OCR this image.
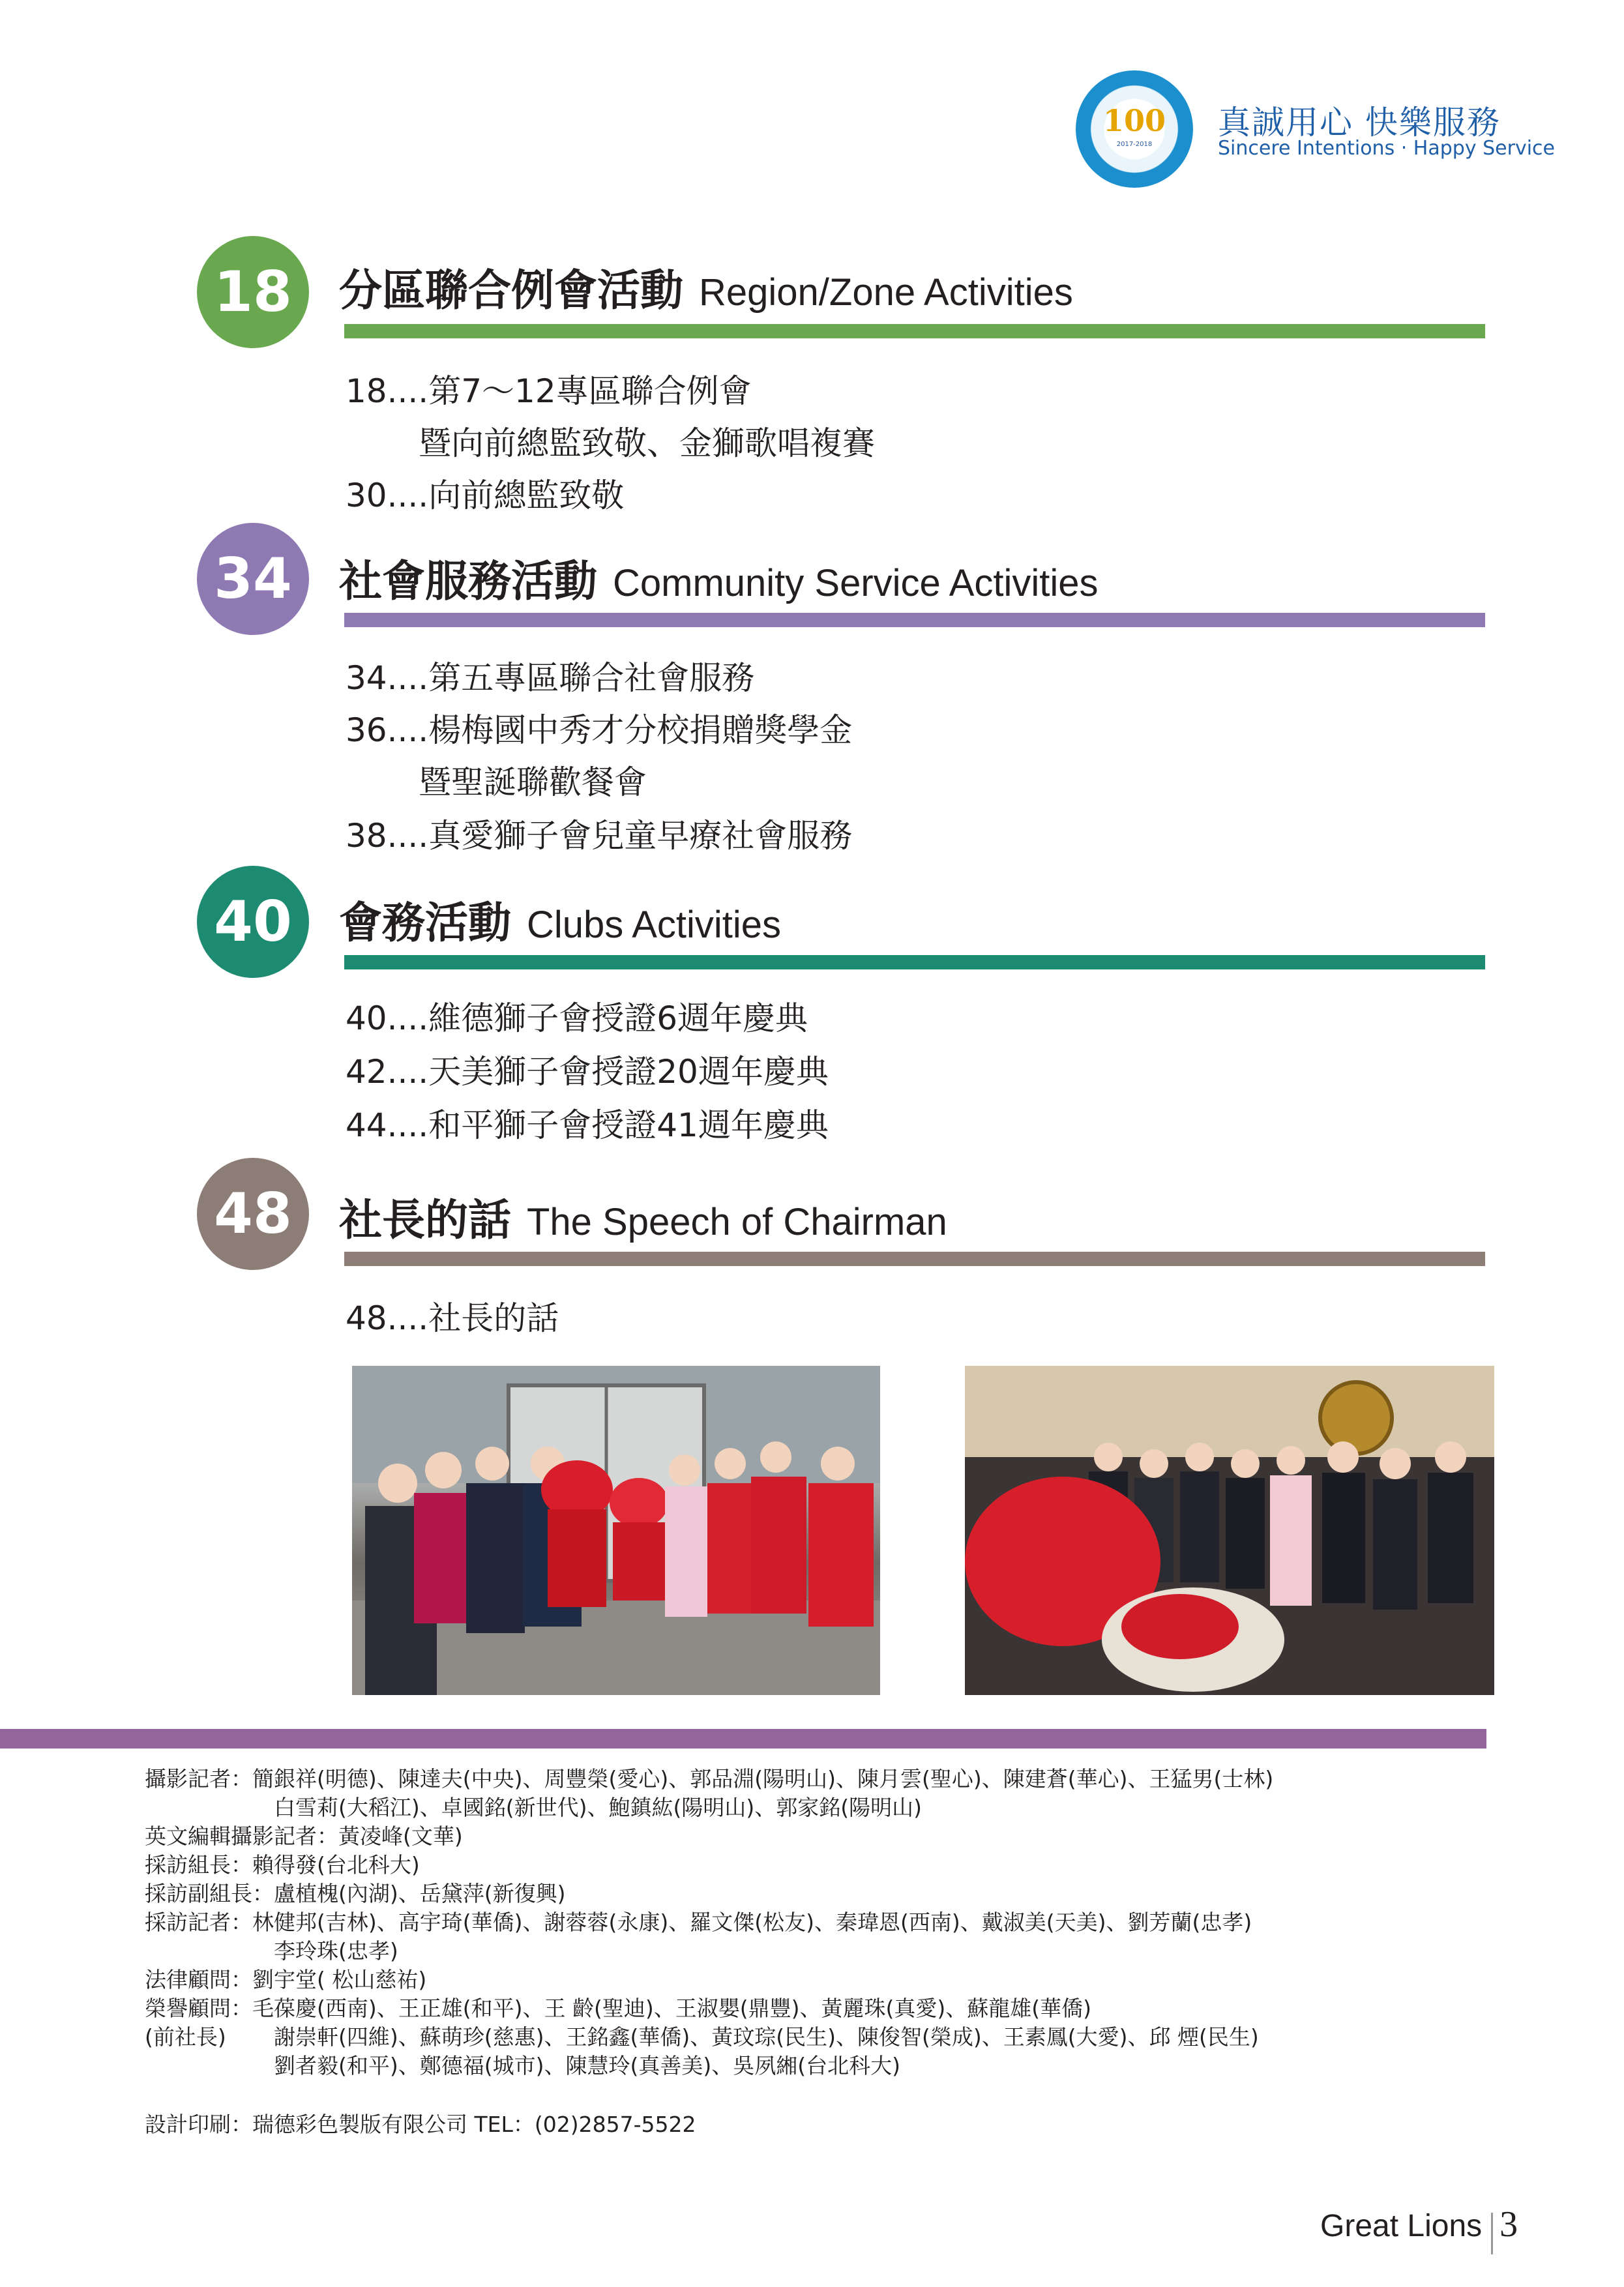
100
2017-2018
真誠用心 快樂服務
Sincere Intentions ‧ Happy Service
18	分區聯合例會活動 Region/Zone Activities
18....第7～12專區聯合例會
暨向前總監致敬、金獅歌唱複賽
30....向前總監致敬
34	社會服務活動 Community Service Activities
34....第五專區聯合社會服務
36....楊梅國中秀才分校捐贈獎學金
暨聖誕聯歡餐會
38....真愛獅子會兒童早療社會服務
40	會務活動 Clubs Activities
40....維德獅子會授證6週年慶典
42....天美獅子會授證20週年慶典
44....和平獅子會授證41週年慶典
48	社長的話 The Speech of Chairman
48....社長的話
攝影記者：簡銀祥(明德)、陳達夫(中央)、周豐榮(愛心)、郭品淵(陽明山)、陳月雲(聖心)、陳建蒼(華心)、王猛男(士林)
白雪莉(大稻江)、卓國銘(新世代)、鮑鎮紘(陽明山)、郭家銘(陽明山)
英文編輯攝影記者：黃凌峰(文華)
採訪組長：賴得發(台北科大)
採訪副組長：盧植槐(內湖)、岳黛萍(新復興)
採訪記者：林健邦(吉林)、高宇琦(華僑)、謝蓉蓉(永康)、羅文傑(松友)、秦瑋恩(西南)、戴淑美(天美)、劉芳蘭(忠孝)
李玲珠(忠孝)
法律顧問：劉宇堂( 松山慈祐)
榮譽顧問：毛葆慶(西南)、王正雄(和平)、王 齡(聖迪)、王淑嬰(鼎豐)、黃麗珠(真愛)、蘇龍雄(華僑)
(前社長) 謝崇軒(四維)、蘇萌珍(慈惠)、王銘鑫(華僑)、黃玟琮(民生)、陳俊智(榮成)、王素鳳(大愛)、邱 煙(民生)
劉者毅(和平)、鄭德福(城市)、陳慧玲(真善美)、吳夙緗(台北科大)
設計印刷：瑞德彩色製版有限公司 TEL：(02)2857-5522
Great Lions 3
